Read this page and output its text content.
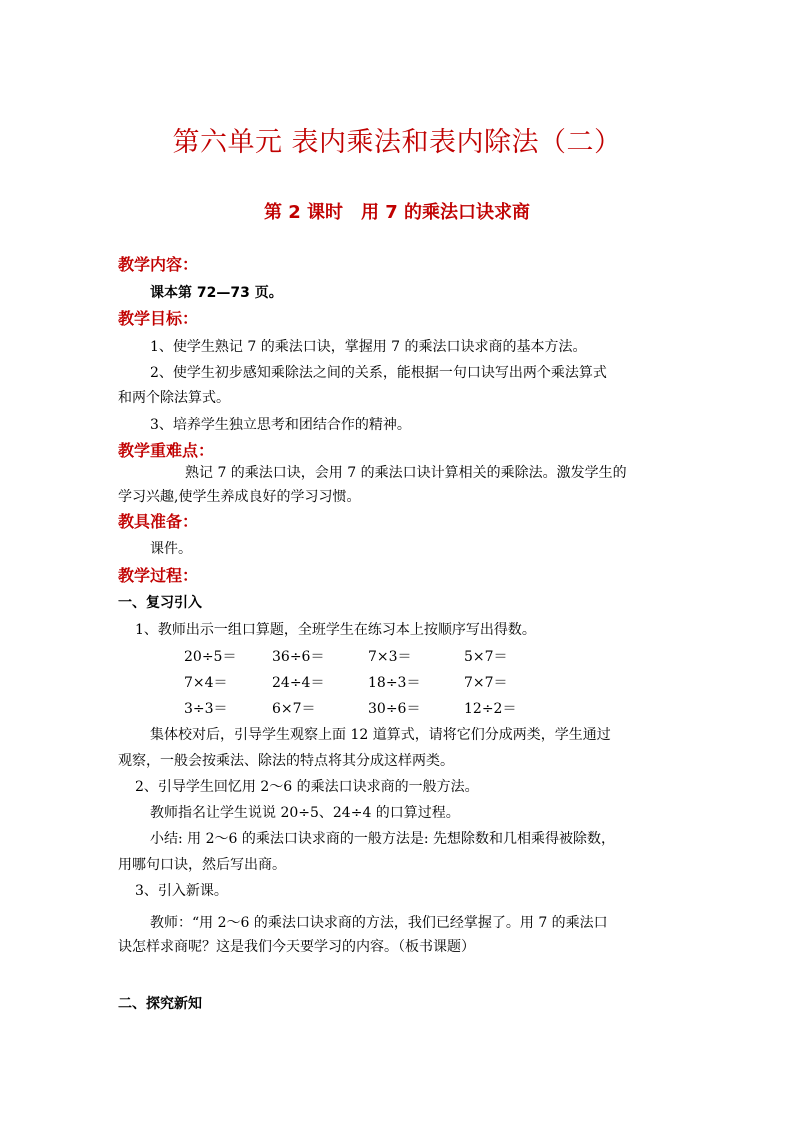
第六单元 表内乘法和表内除法（二）
第 2 课时　用 7 的乘法口诀求商
教学内容：
课本第 72—73 页。
教学目标：
1、使学生熟记 7 的乘法口诀，掌握用 7 的乘法口诀求商的基本方法。
2、使学生初步感知乘除法之间的关系，能根据一句口诀写出两个乘法算式
和两个除法算式。
3、培养学生独立思考和团结合作的精神。
教学重难点：
熟记 7 的乘法口诀，会用 7 的乘法口诀计算相关的乘除法。激发学生的
学习兴趣,使学生养成良好的学习习惯。
教具准备：
课件。
教学过程：
一、复习引入
1、教师出示一组口算题，全班学生在练习本上按顺序写出得数。
20÷5＝	36÷6＝	7×3＝	5×7＝
7×4＝	24÷4＝	18÷3＝	7×7＝
3÷3＝	6×7＝	30÷6＝	12÷2＝
集体校对后，引导学生观察上面 12 道算式，请将它们分成两类，学生通过
观察，一般会按乘法、除法的特点将其分成这样两类。
2、引导学生回忆用 2～6 的乘法口诀求商的一般方法。
教师指名让学生说说 20÷5、24÷4 的口算过程。
小结: 用 2～6 的乘法口诀求商的一般方法是: 先想除数和几相乘得被除数，
用哪句口诀，然后写出商。
3、引入新课。
教师：“用 2～6 的乘法口诀求商的方法，我们已经掌握了。用 7 的乘法口
诀怎样求商呢？这是我们今天要学习的内容。（板书课题）
二、探究新知
